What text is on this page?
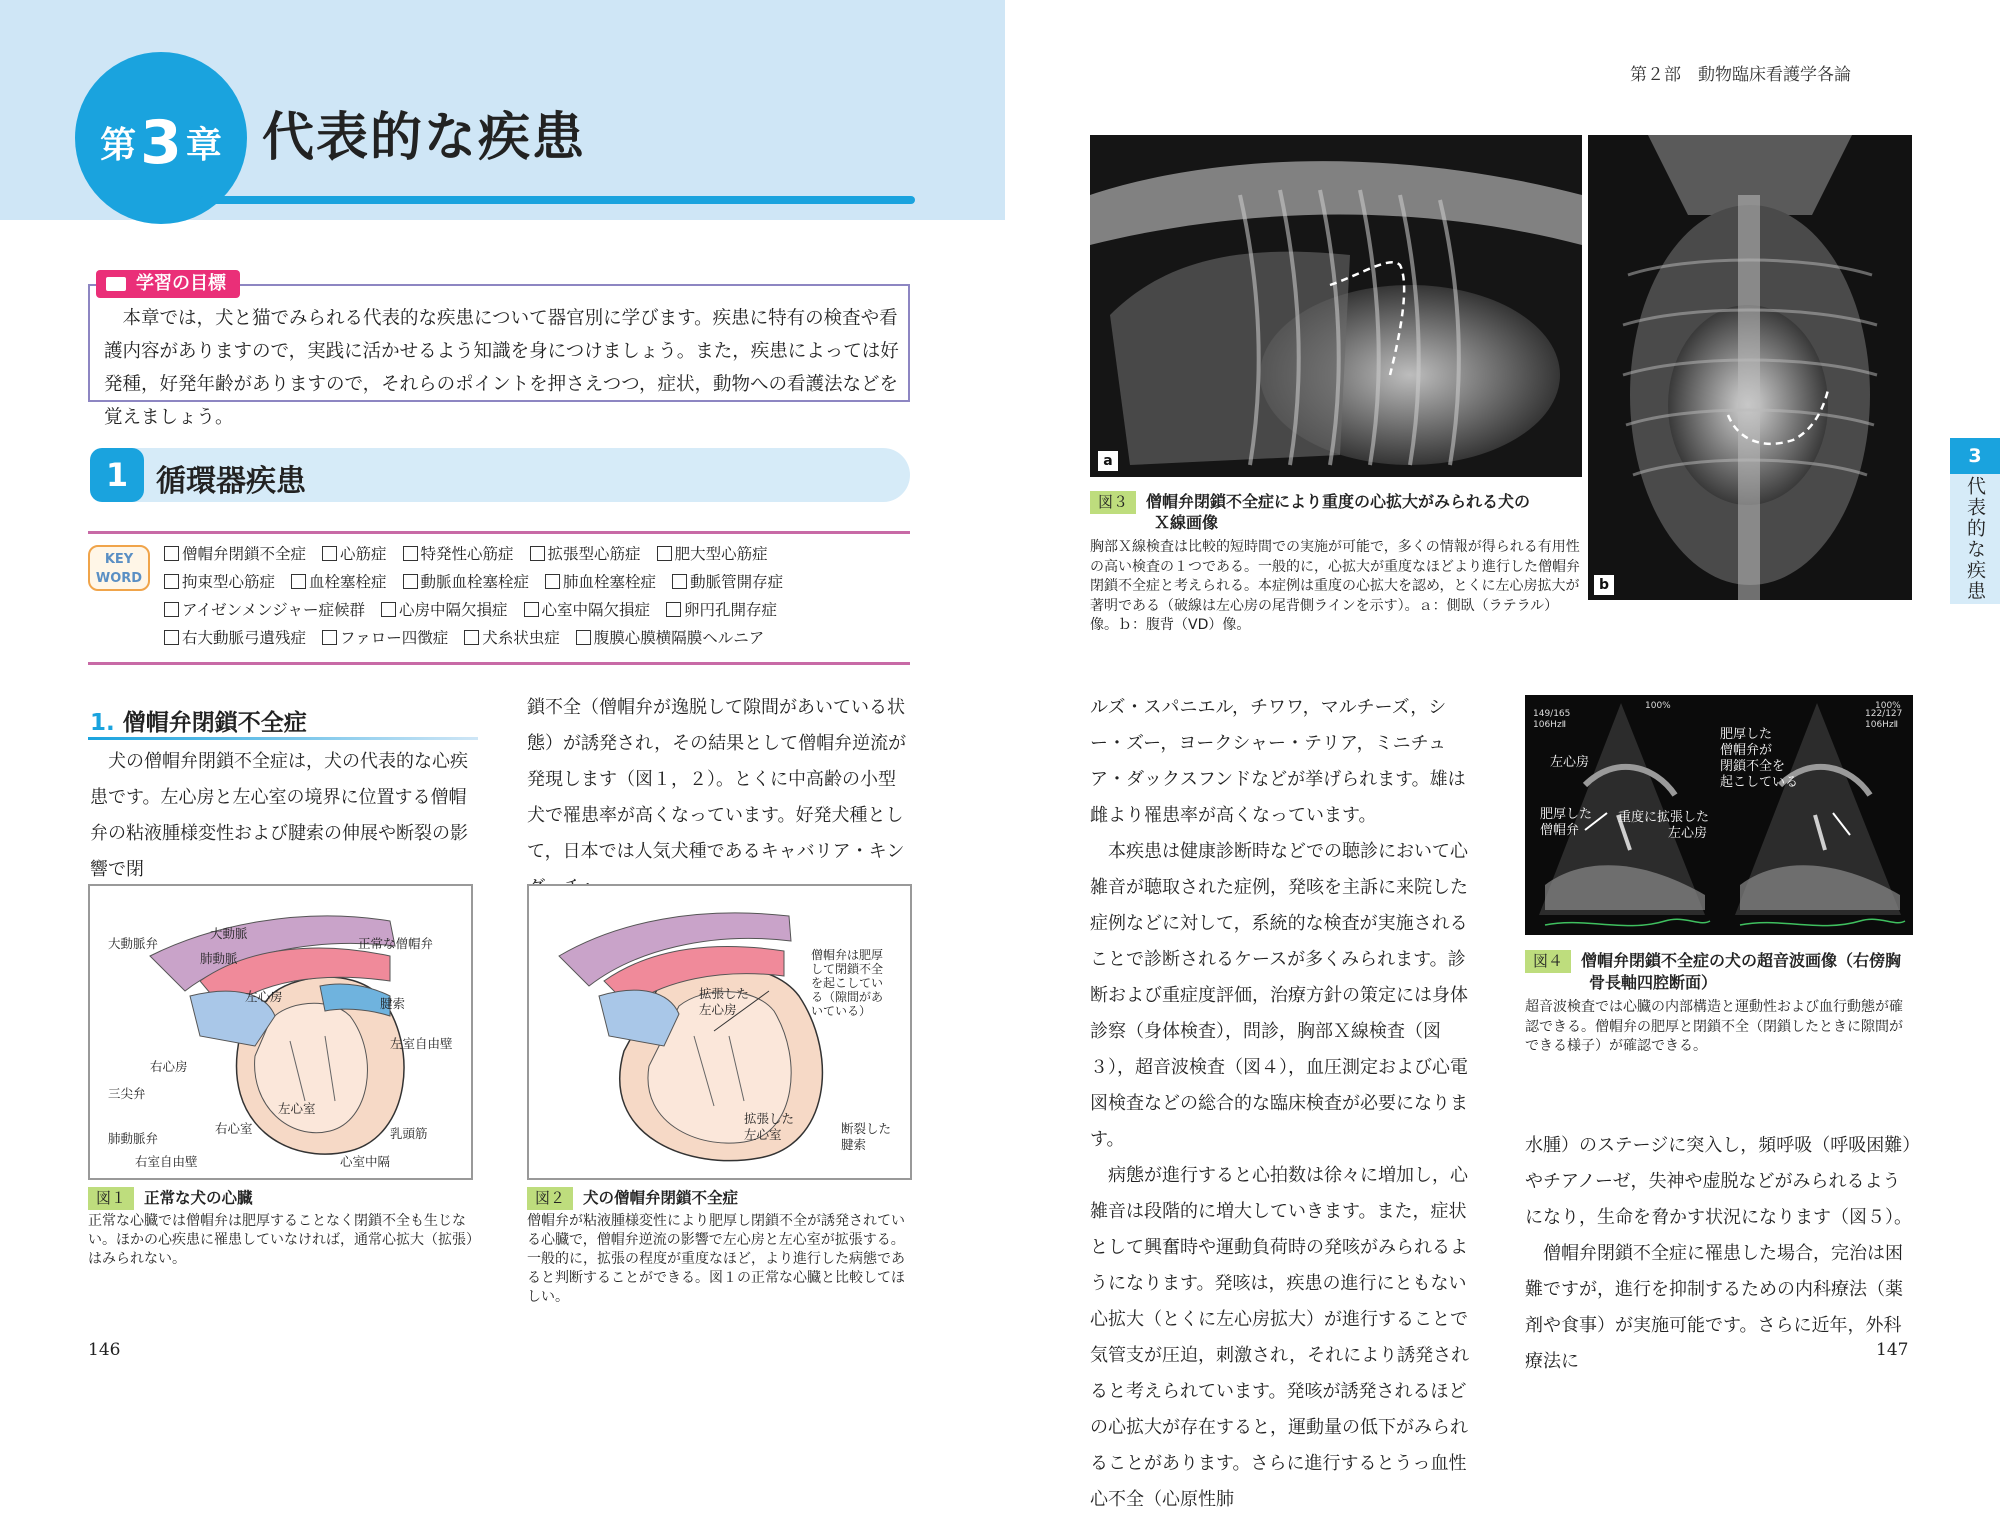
第3 章 代表的な疾患
学習の目標
本章では，犬と猫でみられる代表的な疾患について器官別に学びます。疾患に特有の検査や看護内容がありますので，実践に活かせるよう知識を身につけましょう。また，疾患によっては好発種，好発年齢がありますので，それらのポイントを押さえつつ，症状，動物への看護法などを覚えましょう。
1 循環器疾患
KEY
WORD
僧帽弁閉鎖不全症 心筋症 特発性心筋症 拡張型心筋症 肥大型心筋症
拘束型心筋症 血栓塞栓症 動脈血栓塞栓症 肺血栓塞栓症 動脈管開存症
アイゼンメンジャー症候群 心房中隔欠損症 心室中隔欠損症 卵円孔開存症
右大動脈弓遺残症 ファロー四徴症 犬糸状虫症 腹膜心膜横隔膜ヘルニア
1. 僧帽弁閉鎖不全症

犬の僧帽弁閉鎖不全症は，犬の代表的な心疾患です。左心房と左心室の境界に位置する僧帽弁の粘液腫様変性および腱索の伸展や断裂の影響で閉

鎖不全（僧帽弁が逸脱して隙間があいている状態）が誘発され，その結果として僧帽弁逆流が発現します（図１，２）。とくに中高齢の小型犬で罹患率が高くなっています。好発犬種として，日本では人気犬種であるキャバリア・キン

大動脈弁
大動脈
肺動脈
正常な僧帽弁
左心房	腱索
左室自由壁
右心房
三尖弁
左心室
右心室	乳頭筋
肺動脈弁
右室自由壁	心室中隔
図１ 正常な犬の心臓
正常な心臓では僧帽弁は肥厚することなく閉鎖不全も生じない。ほかの心疾患に罹患していなければ，通常心拡大（拡張）はみられない。
拡張した
左心房
僧帽弁は肥厚
して閉鎖不全
を起こしてい
る（隙間があ
いている）
拡張した
左心室	断裂した
腱索
図２ 犬の僧帽弁閉鎖不全症
僧帽弁が粘液腫様変性により肥厚し閉鎖不全が誘発されている心臓で，僧帽弁逆流の影響で左心房と左心室が拡張する。一般的に，拡張の程度が重度なほど，より進行した病態であると判断することができる。図１の正常な心臓と比較してほしい。
146
第２部　動物臨床看護学各論
a
b
図３	僧帽弁閉鎖不全症により重度の心拡大がみられる犬の
Ｘ線画像
胸部Ｘ線検査は比較的短時間での実施が可能で，多くの情報が得られる有用性の高い検査の１つである。一般的に，心拡大が重度なほどより進行した僧帽弁閉鎖不全症と考えられる。本症例は重度の心拡大を認め，とくに左心房拡大が著明である（破線は左心房の尾背側ラインを示す）。ａ：側臥（ラテラル）像。ｂ：腹背（VD）像。
3
代表的な疾患

ルズ・スパニエル，チワワ，マルチーズ，シー・ズー，ヨークシャー・テリア，ミニチュア・ダックスフンドなどが挙げられます。雄は雌より罹患率が高くなっています。

本疾患は健康診断時などでの聴診において心雑音が聴取された症例，発咳を主訴に来院した症例などに対して，系統的な検査が実施されることで診断されるケースが多くみられます。診断および重症度評価，治療方針の策定には身体診察（身体検査），問診，胸部Ｘ線検査（図３），超音波検査（図４），血圧測定および心電図検査などの総合的な臨床検査が必要になります。

病態が進行すると心拍数は徐々に増加し，心雑音は段階的に増大していきます。また，症状として興奮時や運動負荷時の発咳がみられるようになります。発咳は，疾患の進行にともない心拡大（とくに左心房拡大）が進行することで気管支が圧迫，刺激され，それにより誘発されると考えられています。発咳が誘発されるほどの心拡大が存在すると，運動量の低下がみられることがあります。さらに進行するとうっ血性心不全（心原性肺

100%	100%
149/165
106HzⅡ
122/127
106HzⅡ
左心房
肥厚した
僧帽弁
重度に拡張した
左心房
肥厚した
僧帽弁が
閉鎖不全を
起こしている
図４	僧帽弁閉鎖不全症の犬の超音波画像（右傍胸
骨長軸四腔断面）
超音波検査では心臓の内部構造と運動性および血行動態が確認できる。僧帽弁の肥厚と閉鎖不全（閉鎖したときに隙間ができる様子）が確認できる。

水腫）のステージに突入し，頻呼吸（呼吸困難）やチアノーゼ，失神や虚脱などがみられるようになり，生命を脅かす状況になります（図５）。

僧帽弁閉鎖不全症に罹患した場合，完治は困難ですが，進行を抑制するための内科療法（薬剤や食事）が実施可能です。さらに近年，外科療法に

147
